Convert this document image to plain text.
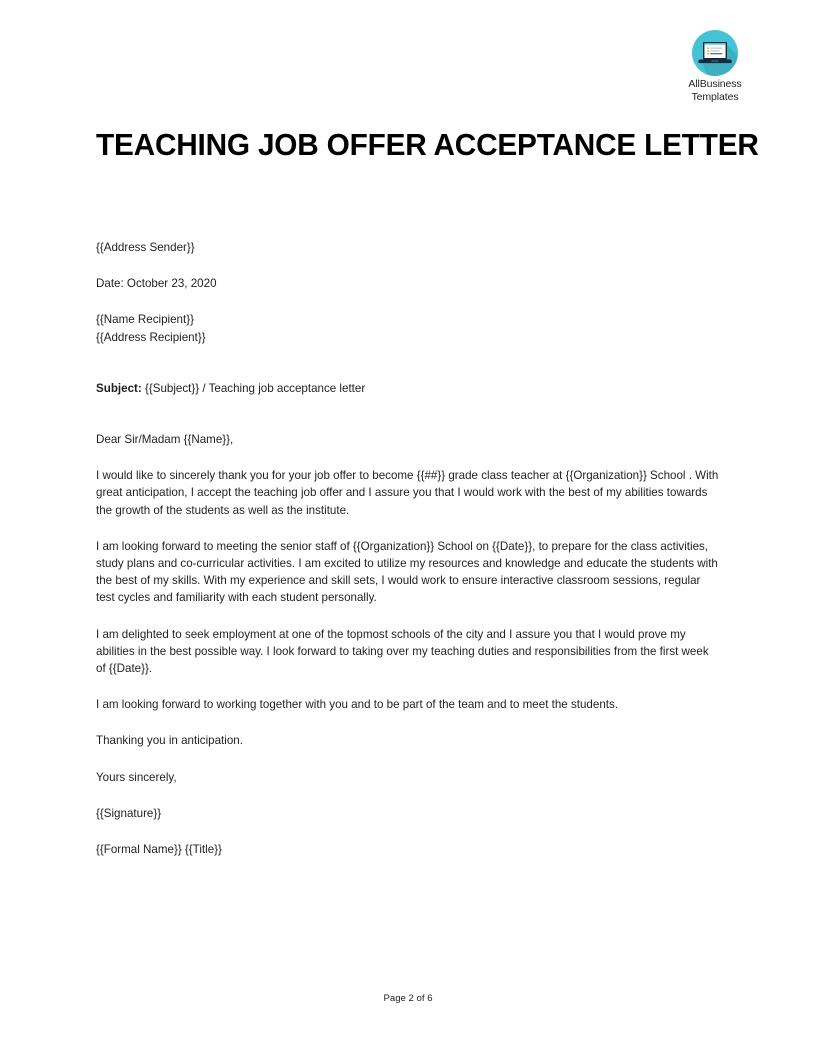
AllBusiness
Templates
TEACHING JOB OFFER ACCEPTANCE LETTER

{{Address Sender}}

Date: October 23, 2020

{{Name Recipient}}

{{Address Recipient}}

Subject: {{Subject}} / Teaching job acceptance letter

Dear Sir/Madam {{Name}},

I would like to sincerely thank you for your job offer to become {{##}} grade class teacher at {{Organization}} School . With great anticipation, I accept the teaching job offer and I assure you that I would work with the best of my abilities towards the growth of the students as well as the institute.

I am looking forward to meeting the senior staff of {{Organization}} School on {{Date}}, to prepare for the class activities, study plans and co-curricular activities. I am excited to utilize my resources and knowledge and educate the students with the best of my skills. With my experience and skill sets, I would work to ensure interactive classroom sessions, regular test cycles and familiarity with each student personally.

I am delighted to seek employment at one of the topmost schools of the city and I assure you that I would prove my abilities in the best possible way. I look forward to taking over my teaching duties and responsibilities from the first week of {{Date}}.

I am looking forward to working together with you and to be part of the team and to meet the students.

Thanking you in anticipation.

Yours sincerely,

{{Signature}}

{{Formal Name}} {{Title}}

Page 2 of 6
